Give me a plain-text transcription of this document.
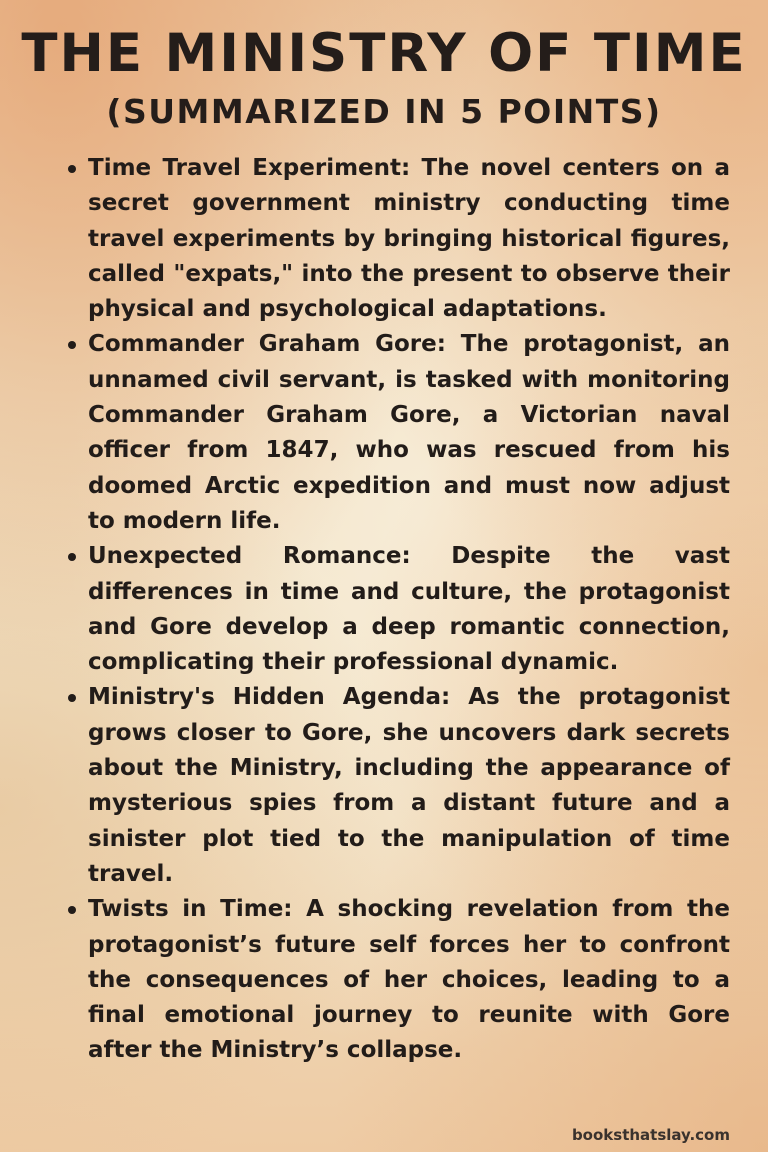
THE MINISTRY OF TIME
(SUMMARIZED IN 5 POINTS)
Time Travel Experiment: The novel centers on a secret government ministry conducting time travel experiments by bringing historical figures, called "expats," into the present to observe their physical and psychological adaptations.
Commander Graham Gore: The protagonist, an unnamed civil servant, is tasked with monitoring Commander Graham Gore, a Victorian naval officer from 1847, who was rescued from his doomed Arctic expedition and must now adjust to modern life.
Unexpected Romance: Despite the vast differences in time and culture, the protagonist and Gore develop a deep romantic connection, complicating their professional dynamic.
Ministry's Hidden Agenda: As the protagonist grows closer to Gore, she uncovers dark secrets about the Ministry, including the appearance of mysterious spies from a distant future and a sinister plot tied to the manipulation of time travel.
Twists in Time: A shocking revelation from the protagonist’s future self forces her to confront the consequences of her choices, leading to a final emotional journey to reunite with Gore after the Ministry’s collapse.
booksthatslay.com
